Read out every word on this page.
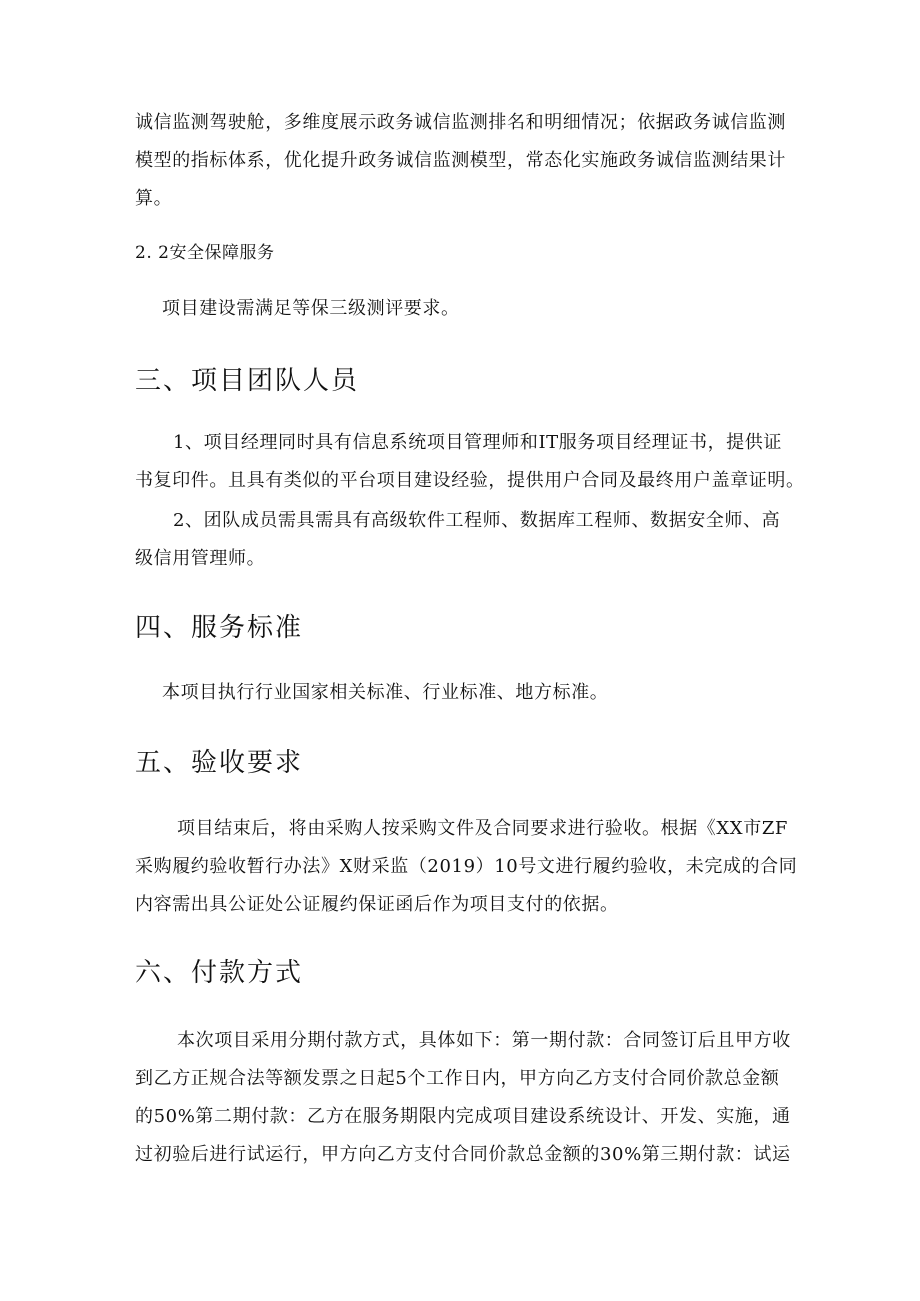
诚信监测驾驶舱，多维度展示政务诚信监测排名和明细情况；依据政务诚信监测
模型的指标体系，优化提升政务诚信监测模型，常态化实施政务诚信监测结果计
算。

2. 2安全保障服务

项目建设需满足等保三级测评要求。

三、项目团队人员
1、项目经理同时具有信息系统项目管理师和IT服务项目经理证书，提供证
书复印件。且具有类似的平台项目建设经验，提供用户合同及最终用户盖章证明。
2、团队成员需具需具有高级软件工程师、数据库工程师、数据安全师、高
级信用管理师。
四、服务标准

本项目执行行业国家相关标准、行业标准、地方标准。

五、验收要求
项目结束后，将由采购人按采购文件及合同要求进行验收。根据《XX市ZF
采购履约验收暂行办法》X财采监（2019）10号文进行履约验收，未完成的合同
内容需出具公证处公证履约保证函后作为项目支付的依据。
六、付款方式
本次项目采用分期付款方式，具体如下：第一期付款：合同签订后且甲方收
到乙方正规合法等额发票之日起5个工作日内，甲方向乙方支付合同价款总金额
的50%第二期付款：乙方在服务期限内完成项目建设系统设计、开发、实施，通
过初验后进行试运行，甲方向乙方支付合同价款总金额的30%第三期付款：试运
